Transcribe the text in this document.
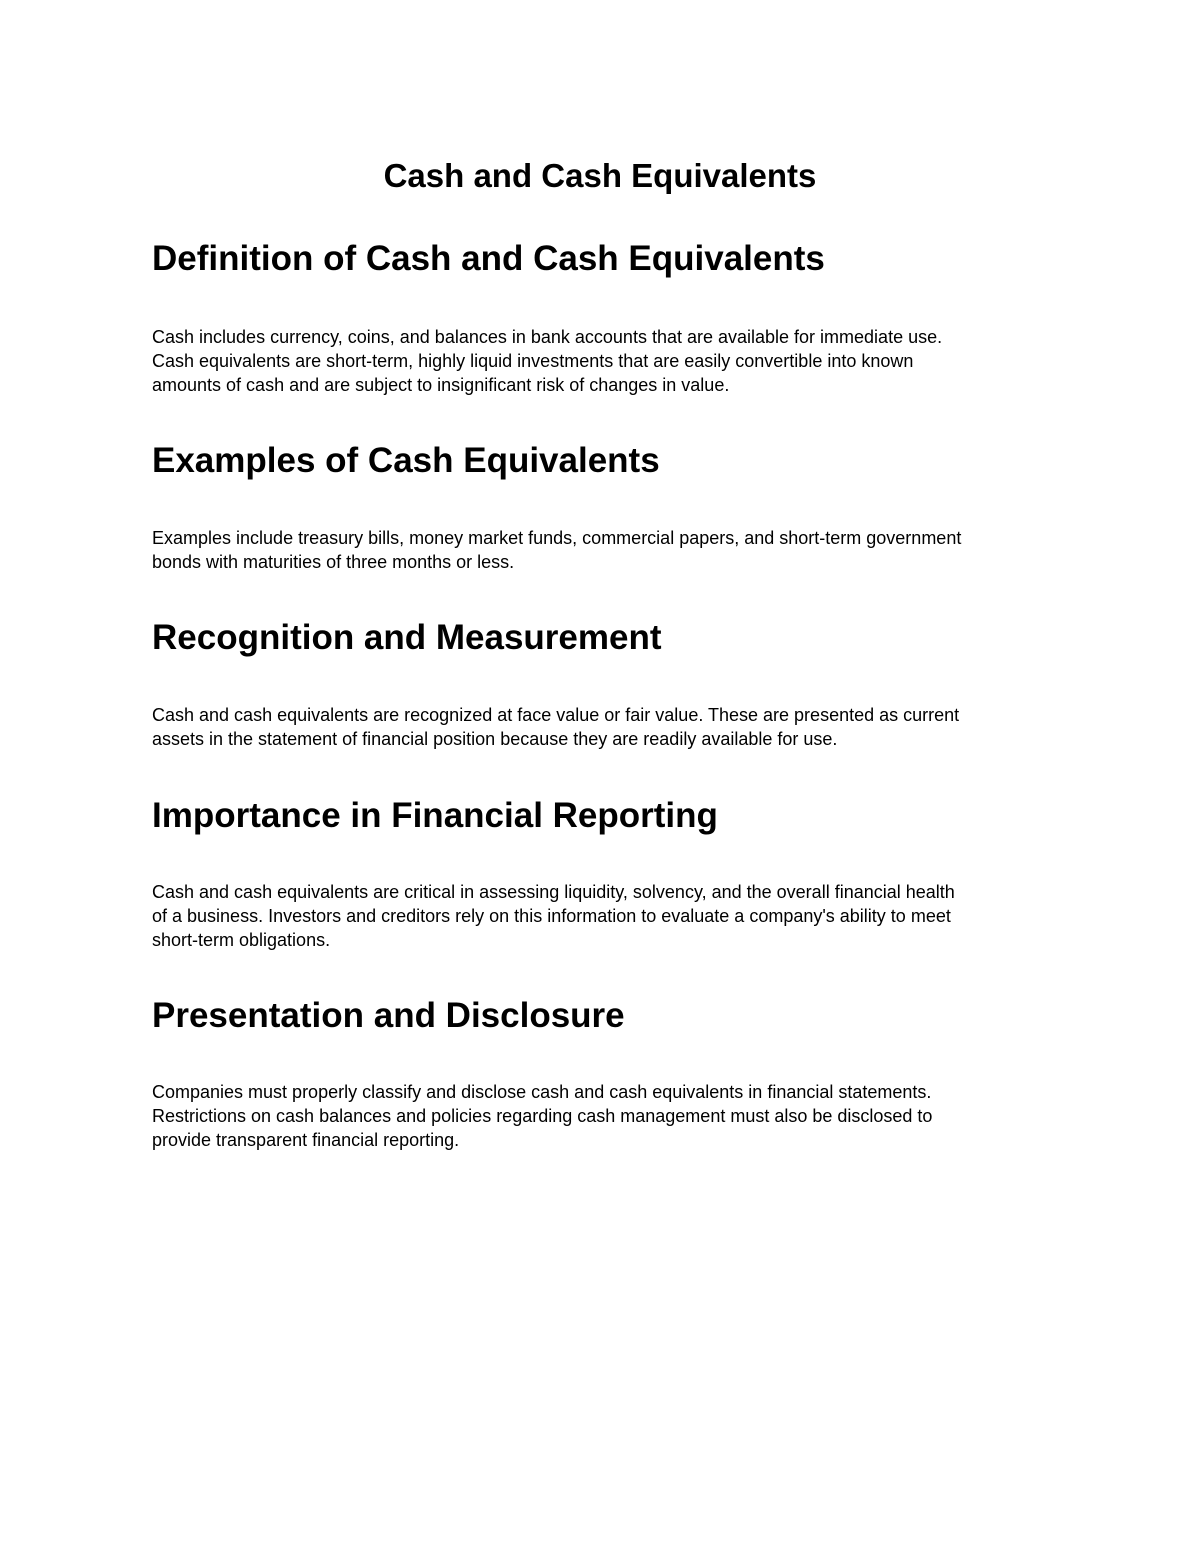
Cash and Cash Equivalents
Definition of Cash and Cash Equivalents

Cash includes currency, coins, and balances in bank accounts that are available for immediate use.
Cash equivalents are short-term, highly liquid investments that are easily convertible into known
amounts of cash and are subject to insignificant risk of changes in value.

Examples of Cash Equivalents

Examples include treasury bills, money market funds, commercial papers, and short-term government
bonds with maturities of three months or less.

Recognition and Measurement

Cash and cash equivalents are recognized at face value or fair value. These are presented as current
assets in the statement of financial position because they are readily available for use.

Importance in Financial Reporting

Cash and cash equivalents are critical in assessing liquidity, solvency, and the overall financial health
of a business. Investors and creditors rely on this information to evaluate a company's ability to meet
short-term obligations.

Presentation and Disclosure

Companies must properly classify and disclose cash and cash equivalents in financial statements.
Restrictions on cash balances and policies regarding cash management must also be disclosed to
provide transparent financial reporting.
